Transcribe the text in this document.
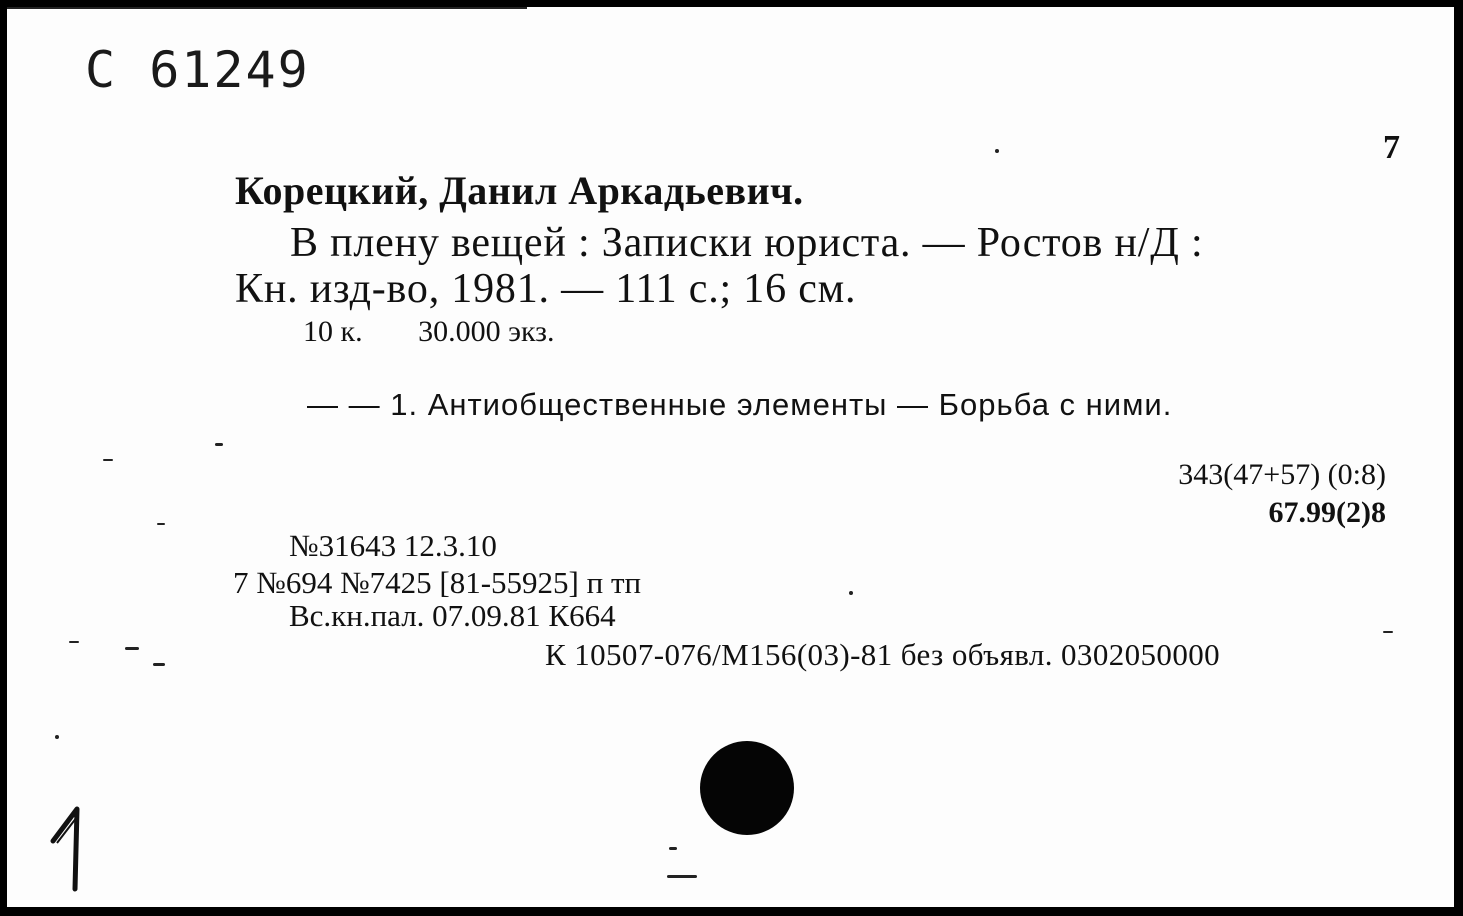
С 61249
7
Корецкий, Данил Аркадьевич.
В плену вещей : Записки юриста. — Ростов н/Д :
Кн. изд-во, 1981. — 111 с.; 16 см.
10 к. 30.000 экз.
— — 1. Антиобщественные элементы — Борьба с ними.
343(47+57) (0:8)
67.99(2)8
№31643 12.3.10
7 №694 №7425 [81-55925] п тп
Вс.кн.пал. 07.09.81 К664
К 10507-076/М156(03)-81 без объявл. 0302050000
